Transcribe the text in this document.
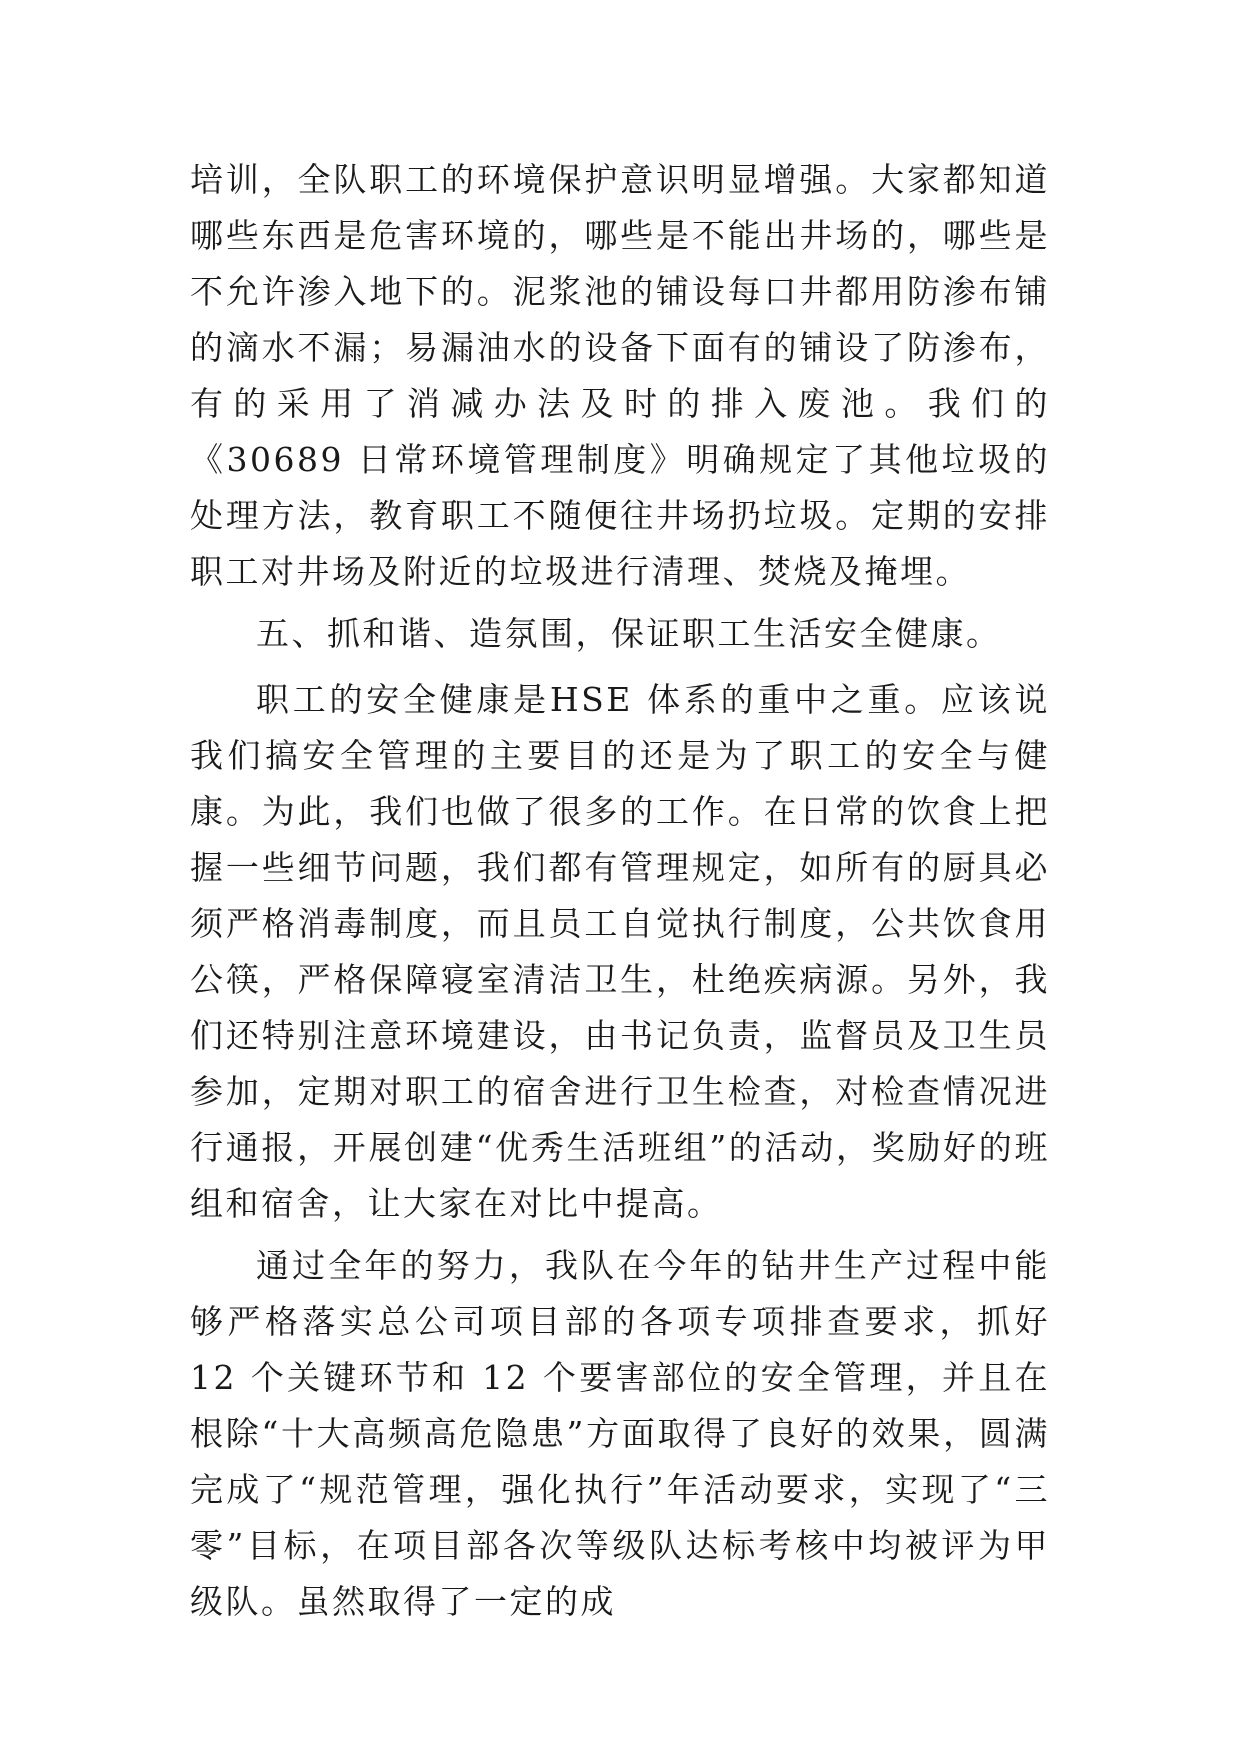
培训，全队职工的环境保护意识明显增强。大家都知道哪些东西是危害环境的，哪些是不能出井场的，哪些是不允许渗入地下的。泥浆池的铺设每口井都用防渗布铺的滴水不漏；易漏油水的设备下面有的铺设了防渗布，有的采用了消减办法及时的排入废池。我们的《30689 日常环境管理制度》明确规定了其他垃圾的处理方法，教育职工不随便往井场扔垃圾。定期的安排职工对井场及附近的垃圾进行清理、焚烧及掩埋。

五、抓和谐、造氛围，保证职工生活安全健康。

职工的安全健康是HSE 体系的重中之重。应该说我们搞安全管理的主要目的还是为了职工的安全与健康。为此，我们也做了很多的工作。在日常的饮食上把握一些细节问题，我们都有管理规定，如所有的厨具必须严格消毒制度，而且员工自觉执行制度，公共饮食用公筷，严格保障寝室清洁卫生，杜绝疾病源。另外，我们还特别注意环境建设，由书记负责，监督员及卫生员参加，定期对职工的宿舍进行卫生检查，对检查情况进行通报，开展创建“优秀生活班组”的活动，奖励好的班组和宿舍，让大家在对比中提高。

通过全年的努力，我队在今年的钻井生产过程中能够严格落实总公司项目部的各项专项排查要求，抓好 12 个关键环节和 12 个要害部位的安全管理，并且在根除“十大高频高危隐患”方面取得了良好的效果，圆满完成了“规范管理，强化执行”年活动要求，实现了“三零”目标，在项目部各次等级队达标考核中均被评为甲级队。虽然取得了一定的成
